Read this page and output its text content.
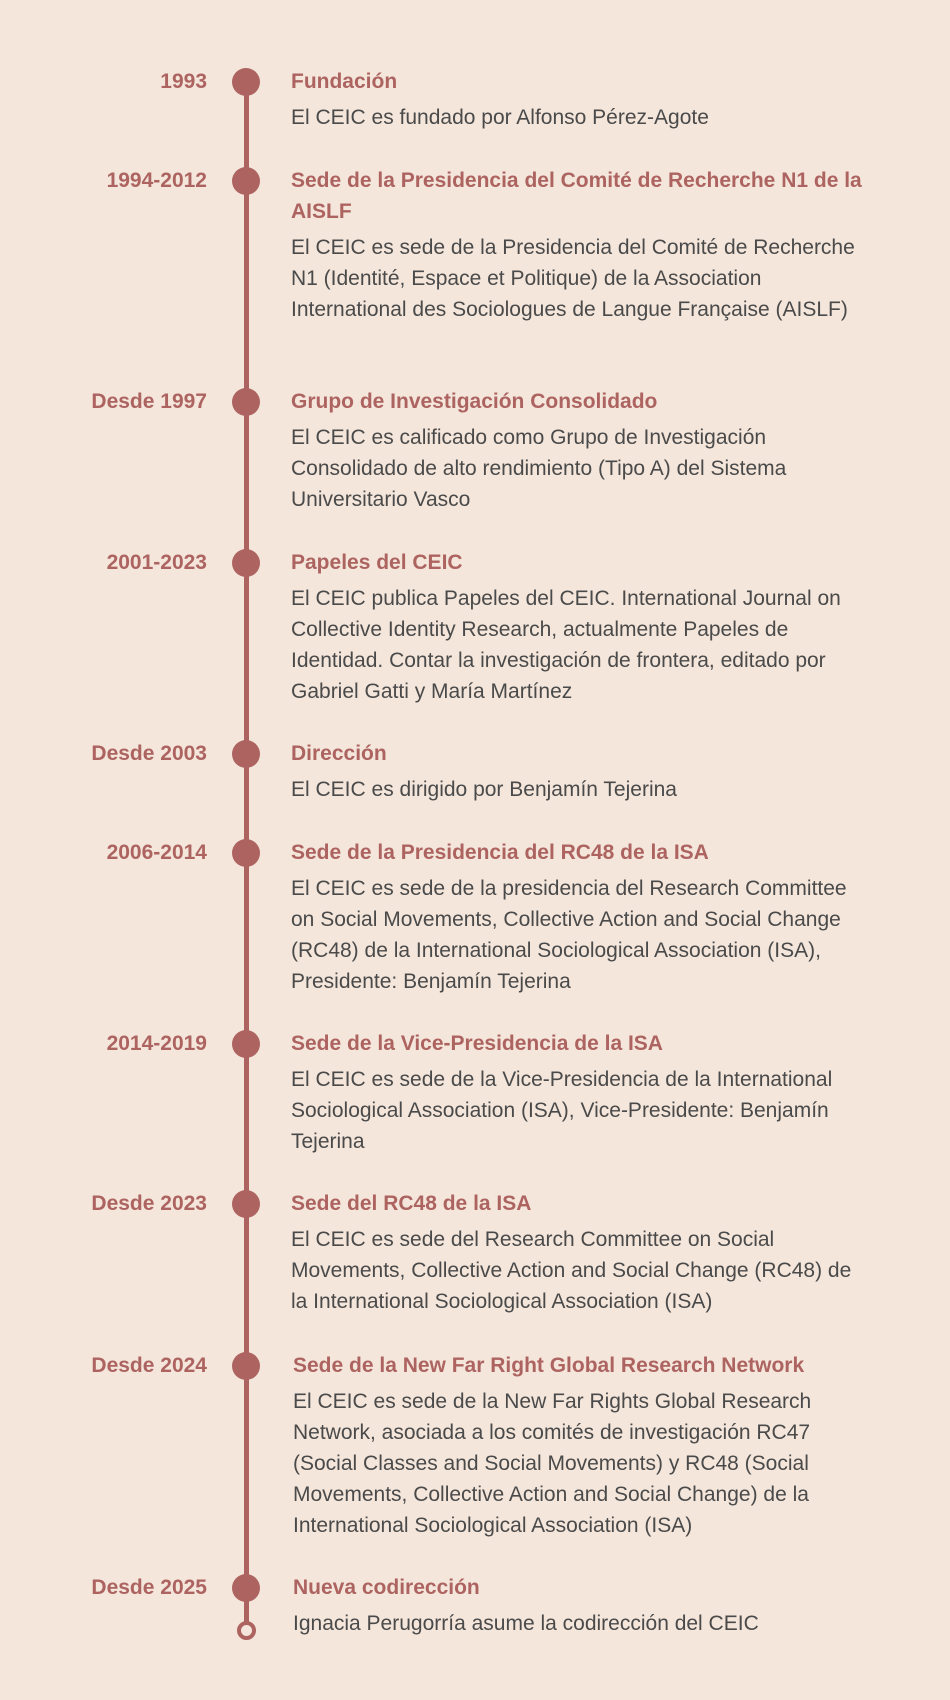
1993	Fundación
El CEIC es fundado por Alfonso Pérez-Agote
1994-2012	Sede de la Presidencia del Comité de Recherche N1 de la AISLF
El CEIC es sede de la Presidencia del Comité de Recherche N1 (Identité, Espace et Politique) de la Association International des Sociologues de Langue Française (AISLF)
Desde 1997	Grupo de Investigación Consolidado
El CEIC es calificado como Grupo de Investigación Consolidado de alto rendimiento (Tipo A) del Sistema Universitario Vasco
2001-2023	Papeles del CEIC
El CEIC publica Papeles del CEIC. International Journal on Collective Identity Research, actualmente Papeles de Identidad. Contar la investigación de frontera, editado por Gabriel Gatti y María Martínez
Desde 2003	Dirección
El CEIC es dirigido por Benjamín Tejerina
2006-2014	Sede de la Presidencia del RC48 de la ISA
El CEIC es sede de la presidencia del Research Committee on Social Movements, Collective Action and Social Change (RC48) de la International Sociological Association (ISA), Presidente: Benjamín Tejerina
2014-2019	Sede de la Vice-Presidencia de la ISA
El CEIC es sede de la Vice-Presidencia de la International Sociological Association (ISA), Vice-Presidente: Benjamín Tejerina
Desde 2023	Sede del RC48 de la ISA
El CEIC es sede del Research Committee on Social Movements, Collective Action and Social Change (RC48) de la International Sociological Association (ISA)
Desde 2024	Sede de la New Far Right Global Research Network
El CEIC es sede de la New Far Rights Global Research Network, asociada a los comités de investigación RC47 (Social Classes and Social Movements) y RC48 (Social Movements, Collective Action and Social Change) de la International Sociological Association (ISA)
Desde 2025	Nueva codirección
Ignacia Perugorría asume la codirección del CEIC
